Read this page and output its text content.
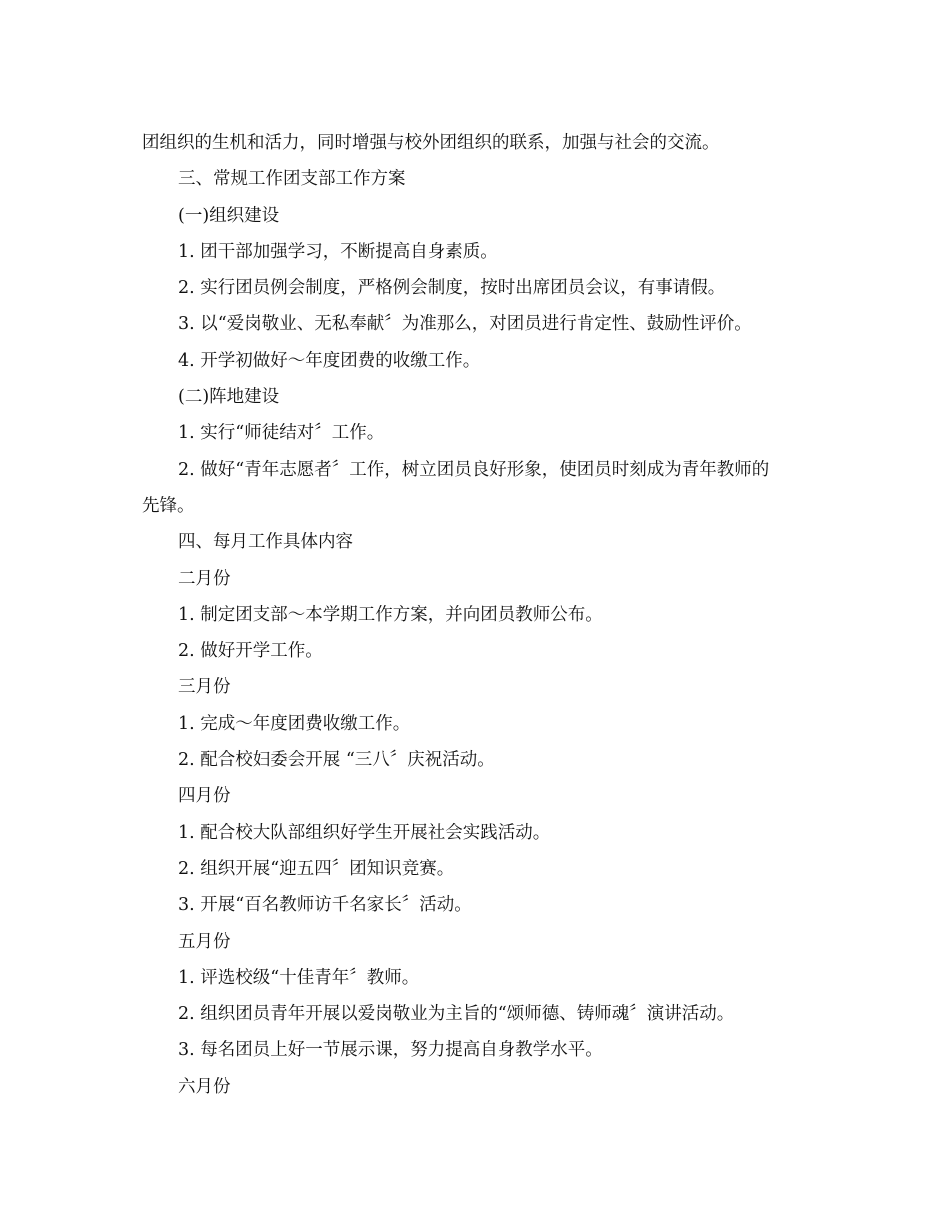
团组织的生机和活力，同时增强与校外团组织的联系，加强与社会的交流。
三、常规工作团支部工作方案
(一)组织建设
1. 团干部加强学习，不断提高自身素质。
2. 实行团员例会制度，严格例会制度，按时出席团员会议，有事请假。
3. 以“爱岗敬业、无私奉献〞为准那么，对团员进行肯定性、鼓励性评价。
4. 开学初做好～年度团费的收缴工作。
(二)阵地建设
1. 实行“师徒结对〞工作。
2. 做好“青年志愿者〞工作，树立团员良好形象，使团员时刻成为青年教师的
先锋。
四、每月工作具体内容
二月份
1. 制定团支部～本学期工作方案，并向团员教师公布。
2. 做好开学工作。
三月份
1. 完成～年度团费收缴工作。
2. 配合校妇委会开展 “三八〞庆祝活动。
四月份
1. 配合校大队部组织好学生开展社会实践活动。
2. 组织开展“迎五四〞团知识竞赛。
3. 开展“百名教师访千名家长〞活动。
五月份
1. 评选校级“十佳青年〞教师。
2. 组织团员青年开展以爱岗敬业为主旨的“颂师德、铸师魂〞演讲活动。
3. 每名团员上好一节展示课，努力提高自身教学水平。
六月份
